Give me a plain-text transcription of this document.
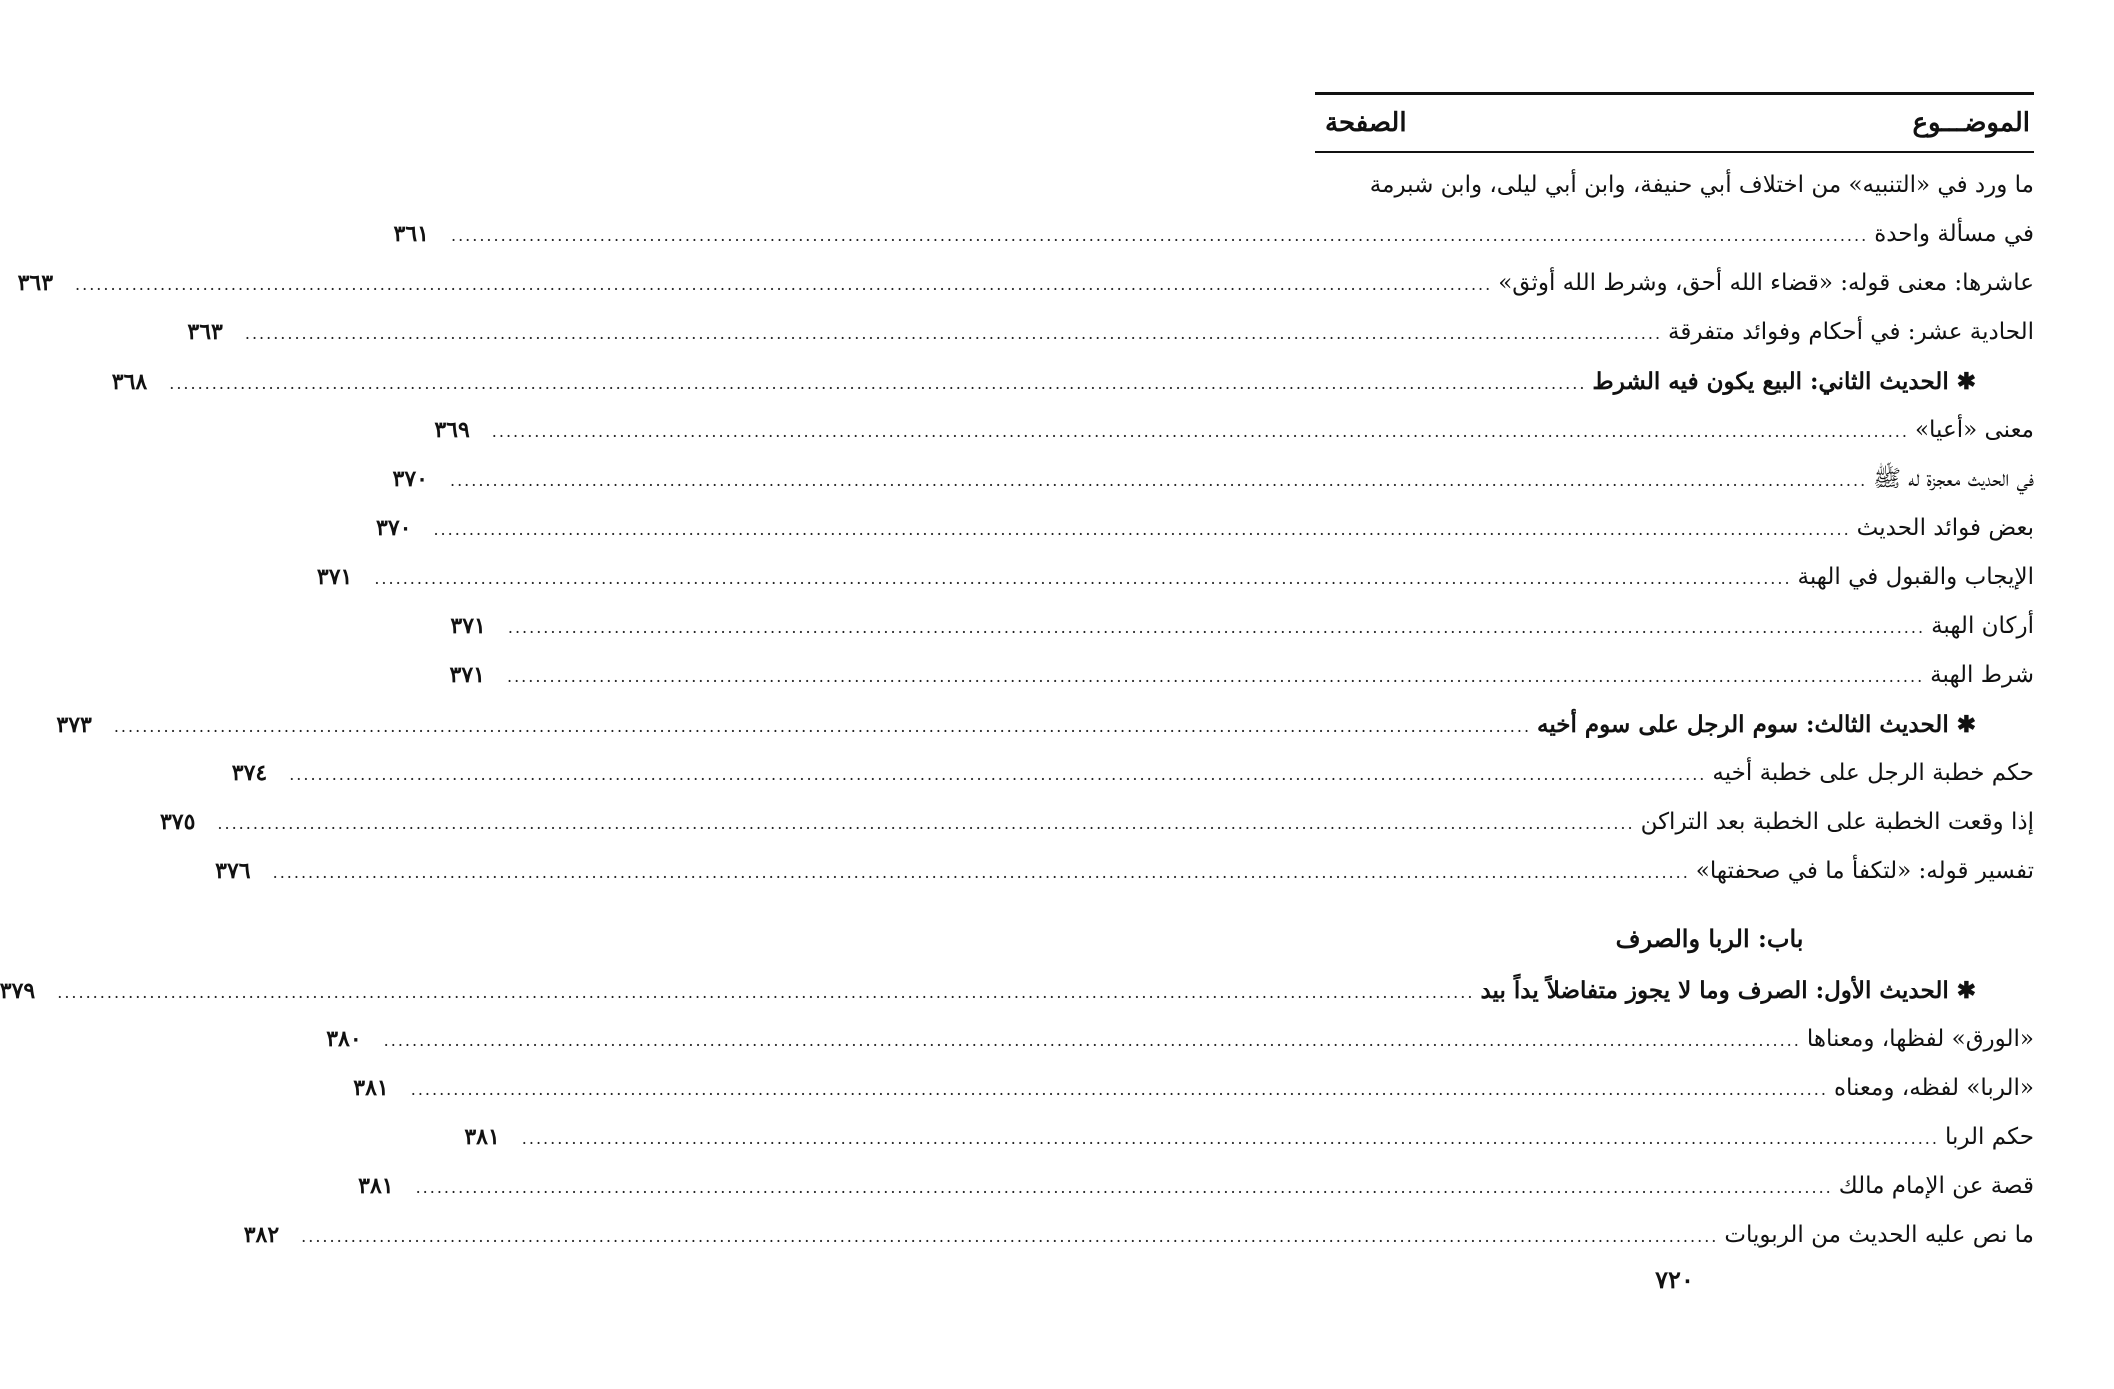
الموضـــوع
الصفحة
ما ورد في «التنبيه» من اختلاف أبي حنيفة، وابن أبي ليلى، وابن شبرمة
في مسألة واحدة
........................................................................................................................................................................................................
٣٦١
عاشرها: معنى قوله: «قضاء الله أحق، وشرط الله أوثق»
........................................................................................................................................................................................................
٣٦٣
الحادية عشر: في أحكام وفوائد متفرقة
........................................................................................................................................................................................................
٣٦٣
✱ الحديث الثاني: البيع يكون فيه الشرط
........................................................................................................................................................................................................
٣٦٨
معنى «أعيا»
........................................................................................................................................................................................................
٣٦٩
في الحديث معجزة له ﷺ
........................................................................................................................................................................................................
٣٧٠
بعض فوائد الحديث
........................................................................................................................................................................................................
٣٧٠
الإيجاب والقبول في الهبة
........................................................................................................................................................................................................
٣٧١
أركان الهبة
........................................................................................................................................................................................................
٣٧١
شرط الهبة
........................................................................................................................................................................................................
٣٧١
✱ الحديث الثالث: سوم الرجل على سوم أخيه
........................................................................................................................................................................................................
٣٧٣
حكم خطبة الرجل على خطبة أخيه
........................................................................................................................................................................................................
٣٧٤
إذا وقعت الخطبة على الخطبة بعد التراكن
........................................................................................................................................................................................................
٣٧٥
تفسير قوله: «لتكفأ ما في صحفتها»
........................................................................................................................................................................................................
٣٧٦
باب: الربا والصرف
✱ الحديث الأول: الصرف وما لا يجوز متفاضلاً يداً بيد
........................................................................................................................................................................................................
٣٧٩
«الورق» لفظها، ومعناها
........................................................................................................................................................................................................
٣٨٠
«الربا» لفظه، ومعناه
........................................................................................................................................................................................................
٣٨١
حكم الربا
........................................................................................................................................................................................................
٣٨١
قصة عن الإمام مالك
........................................................................................................................................................................................................
٣٨١
ما نص عليه الحديث من الربويات
........................................................................................................................................................................................................
٣٨٢
٧٢٠
